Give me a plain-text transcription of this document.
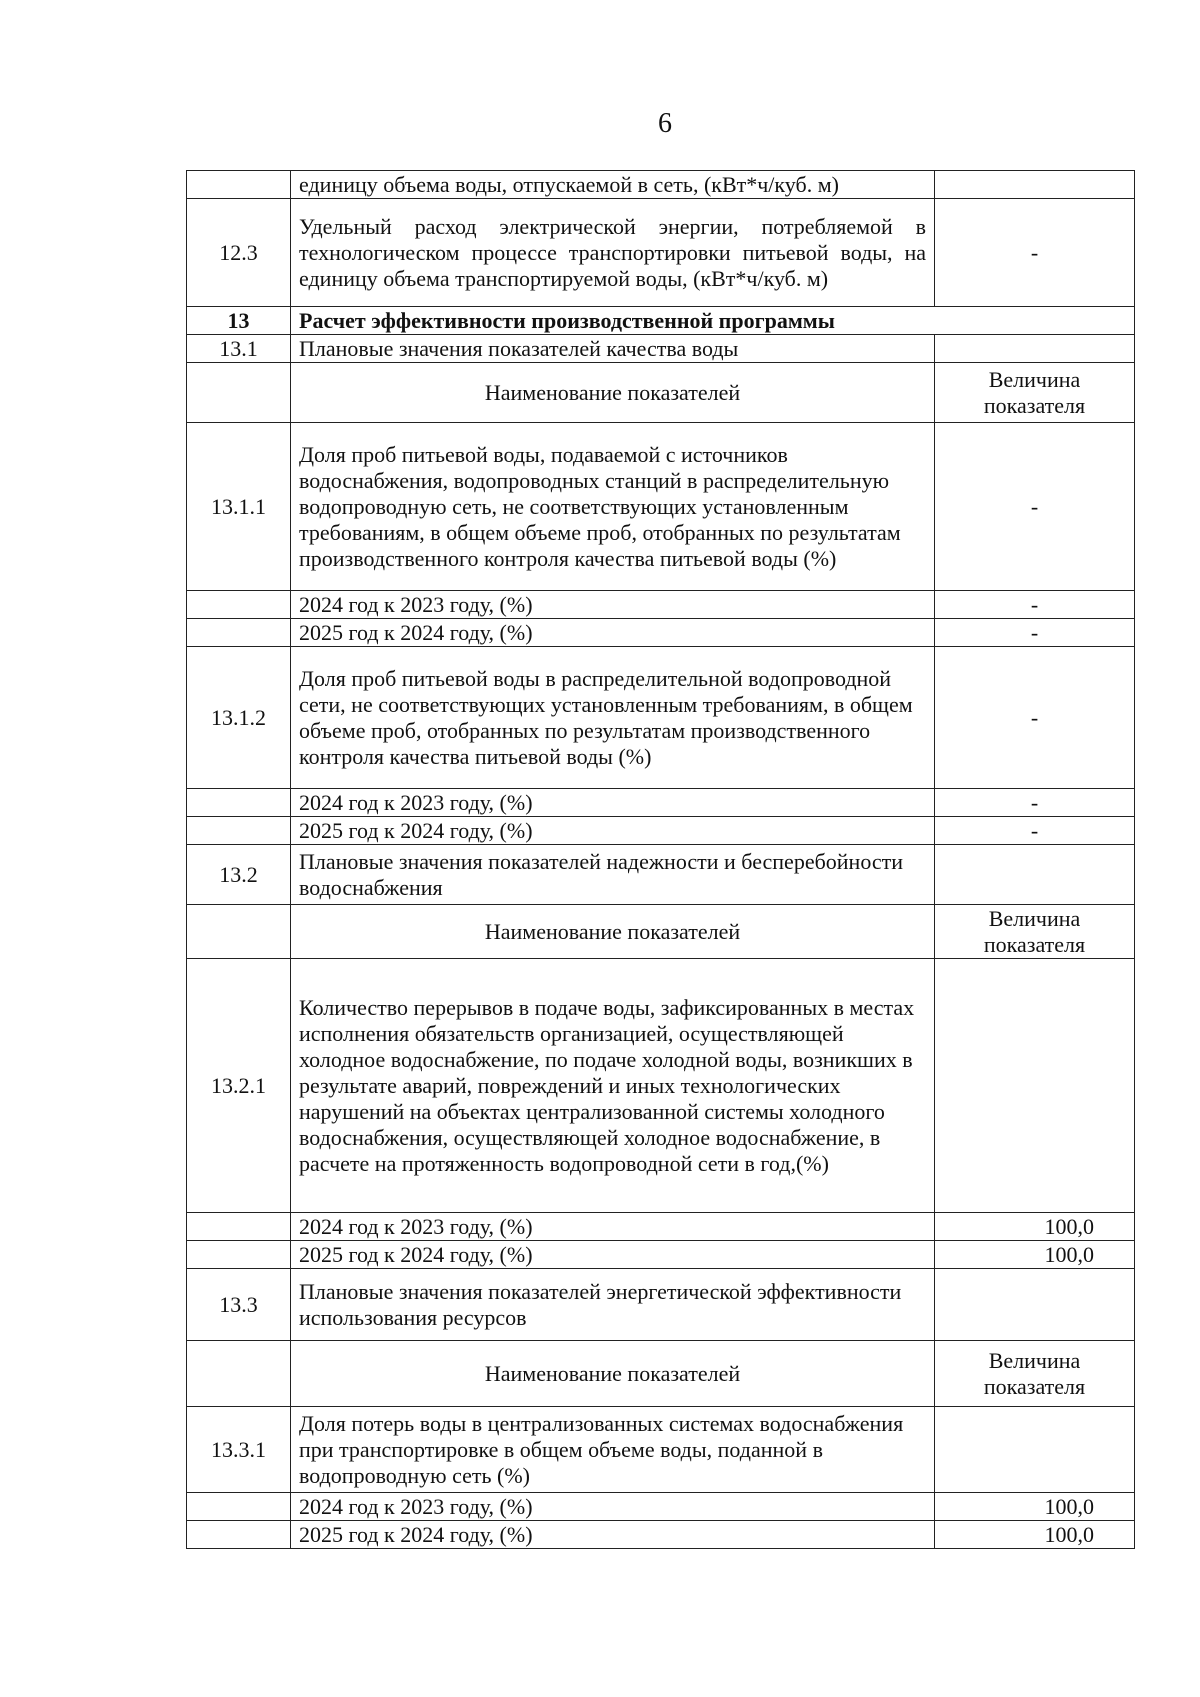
6
	единицу объема воды, отпускаемой в сеть, (кВт*ч/куб. м)	
12.3	Удельный расход электрической энергии, потребляемой в технологическом процессе транспортировки питьевой воды, на единицу объема транспортируемой воды, (кВт*ч/куб. м)	-
13	Расчет эффективности производственной программы	
13.1	Плановые значения показателей качества воды	
	Наименование показателей	Величина показателя
13.1.1	Доля проб питьевой воды, подаваемой с источников водоснабжения, водопроводных станций в распределительную водопроводную сеть, не соответствующих установленным требованиям, в общем объеме проб, отобранных по результатам производственного контроля качества питьевой воды (%)	-
	2024 год к 2023 году, (%)	-
	2025 год к 2024 году, (%)	-
13.1.2	Доля проб питьевой воды в распределительной водопроводной сети, не соответствующих установленным требованиям, в общем объеме проб, отобранных по результатам производственного контроля качества питьевой воды (%)	-
	2024 год к 2023 году, (%)	-
	2025 год к 2024 году, (%)	-
13.2	Плановые значения показателей надежности и бесперебойности водоснабжения	
	Наименование показателей	Величина показателя
13.2.1	Количество перерывов в подаче воды, зафиксированных в местах исполнения обязательств организацией, осуществляющей холодное водоснабжение, по подаче холодной воды, возникших в результате аварий, повреждений и иных технологических нарушений на объектах централизованной системы холодного водоснабжения, осуществляющей холодное водоснабжение, в расчете на протяженность водопроводной сети в год,(%)	
	2024 год к 2023 году, (%)	100,0
	2025 год к 2024 году, (%)	100,0
13.3	Плановые значения показателей энергетической эффективности использования ресурсов	
	Наименование показателей	Величина показателя
13.3.1	Доля потерь воды в централизованных системах водоснабжения при транспортировке в общем объеме воды, поданной в водопроводную сеть (%)	
	2024 год к 2023 году, (%)	100,0
	2025 год к 2024 году, (%)	100,0
